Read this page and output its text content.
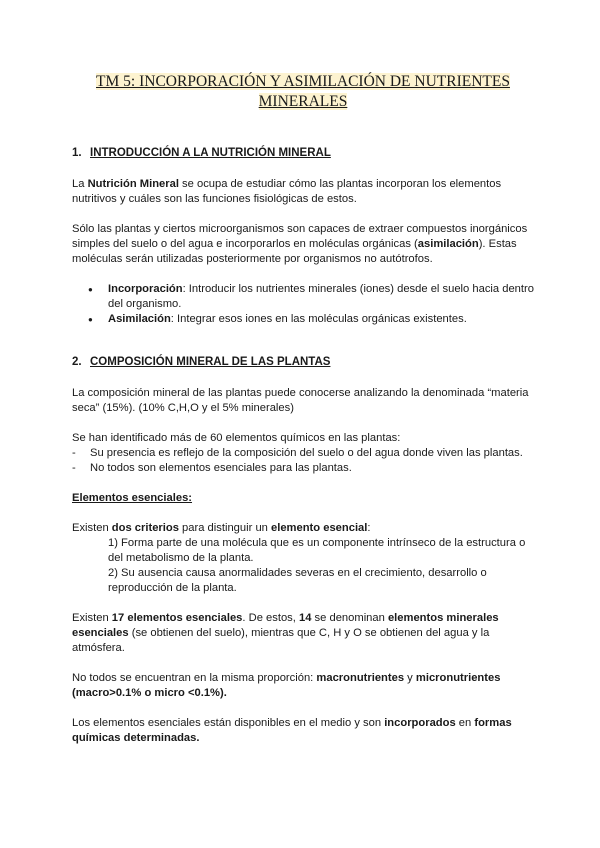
TM 5: INCORPORACIÓN Y ASIMILACIÓN DE NUTRIENTES MINERALES
1. INTRODUCCIÓN A LA NUTRICIÓN MINERAL

La Nutrición Mineral se ocupa de estudiar cómo las plantas incorporan los elementos nutritivos y cuáles son las funciones fisiológicas de estos.

Sólo las plantas y ciertos microorganismos son capaces de extraer compuestos inorgánicos simples del suelo o del agua e incorporarlos en moléculas orgánicas (asimilación). Estas moléculas serán utilizadas posteriormente por organismos no autótrofos.

● Incorporación: Introducir los nutrientes minerales (iones) desde el suelo hacia dentro del organismo.
● Asimilación: Integrar esos iones en las moléculas orgánicas existentes.
2. COMPOSICIÓN MINERAL DE LAS PLANTAS

La composición mineral de las plantas puede conocerse analizando la denominada “materia seca” (15%). (10% C,H,O y el 5% minerales)

Se han identificado más de 60 elementos químicos en las plantas:

- Su presencia es reflejo de la composición del suelo o del agua donde viven las plantas.
- No todos son elementos esenciales para las plantas.
Elementos esenciales:

Existen dos criterios para distinguir un elemento esencial:

1) Forma parte de una molécula que es un componente intrínseco de la estructura o del metabolismo de la planta.
2) Su ausencia causa anormalidades severas en el crecimiento, desarrollo o reproducción de la planta.

Existen 17 elementos esenciales. De estos, 14 se denominan elementos minerales esenciales (se obtienen del suelo), mientras que C, H y O se obtienen del agua y la atmósfera.

No todos se encuentran en la misma proporción: macronutrientes y micronutrientes (macro>0.1% o micro <0.1%).

Los elementos esenciales están disponibles en el medio y son incorporados en formas químicas determinadas.
